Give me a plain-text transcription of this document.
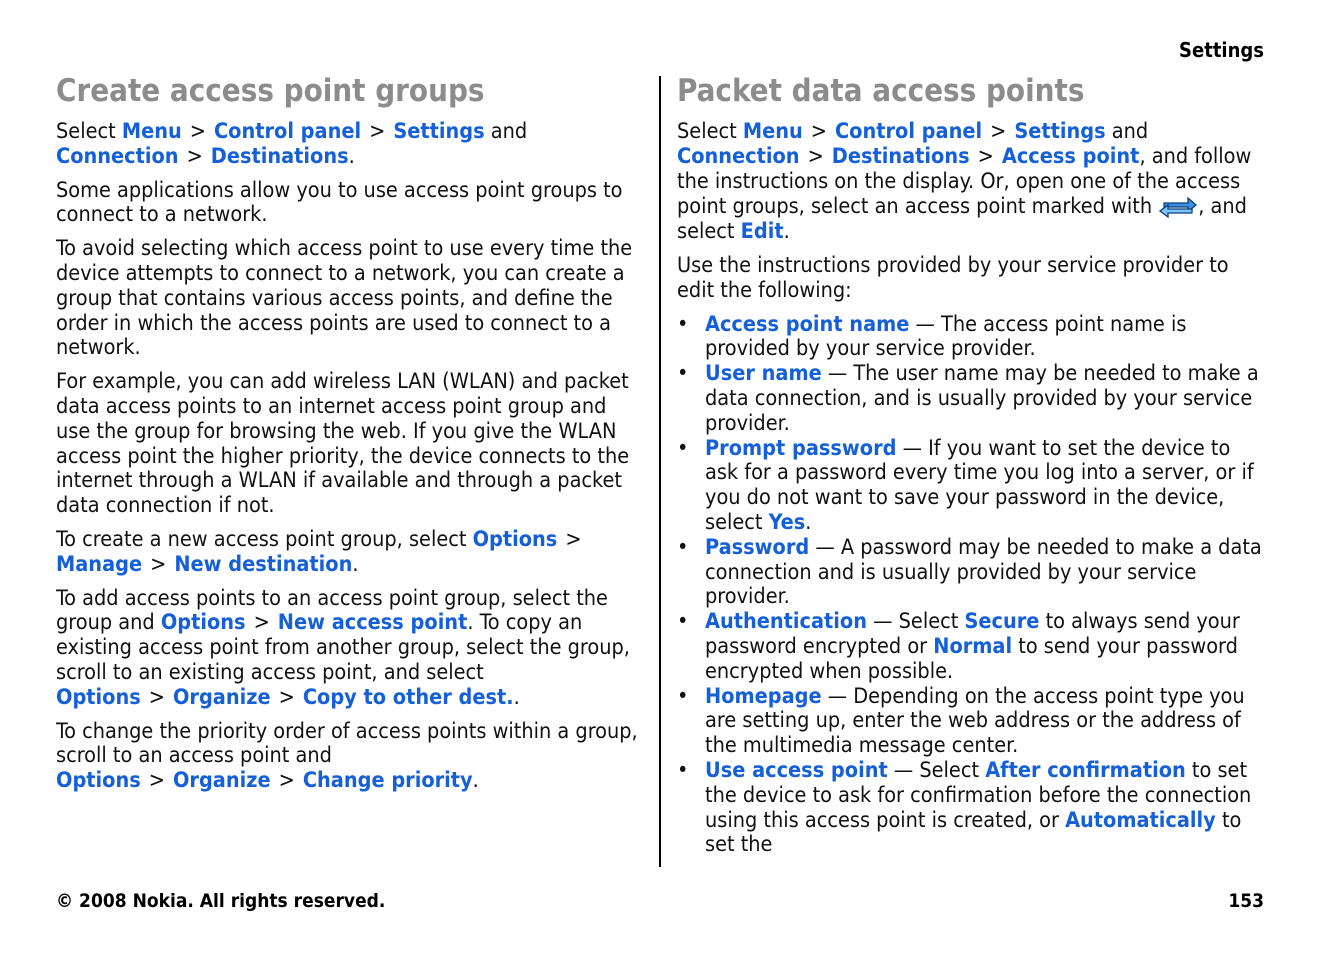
Settings
Create access point groups

Select Menu > Control panel > Settings and
Connection > Destinations.

Some applications allow you to use access point groups to connect to a network.

To avoid selecting which access point to use every time the device attempts to connect to a network, you can create a group that contains various access points, and define the order in which the access points are used to connect to a network.

For example, you can add wireless LAN (WLAN) and packet data access points to an internet access point group and use the group for browsing the web. If you give the WLAN access point the higher priority, the device connects to the internet through a WLAN if available and through a packet data connection if not.

To create a new access point group, select Options >
Manage > New destination.

To add access points to an access point group, select the group and Options > New access point. To copy an existing access point from another group, select the group, scroll to an existing access point, and select Options > Organize > Copy to other dest..

To change the priority order of access points within a group, scroll to an access point and Options > Organize > Change priority.

Packet data access points

Select Menu > Control panel > Settings and
Connection > Destinations > Access point, and follow the instructions on the display. Or, open one of the access point groups, select an access point marked with , and select Edit.

Use the instructions provided by your service provider to edit the following:

• Access point name — The access point name is provided by your service provider.
• User name — The user name may be needed to make a data connection, and is usually provided by your service provider.
• Prompt password — If you want to set the device to ask for a password every time you log into a server, or if you do not want to save your password in the device, select Yes.
• Password — A password may be needed to make a data connection and is usually provided by your service provider.
• Authentication — Select Secure to always send your password encrypted or Normal to send your password encrypted when possible.
• Homepage — Depending on the access point type you are setting up, enter the web address or the address of the multimedia message center.
• Use access point — Select After confirmation to set the device to ask for confirmation before the connection using this access point is created, or Automatically to set the
© 2008 Nokia. All rights reserved.	153
